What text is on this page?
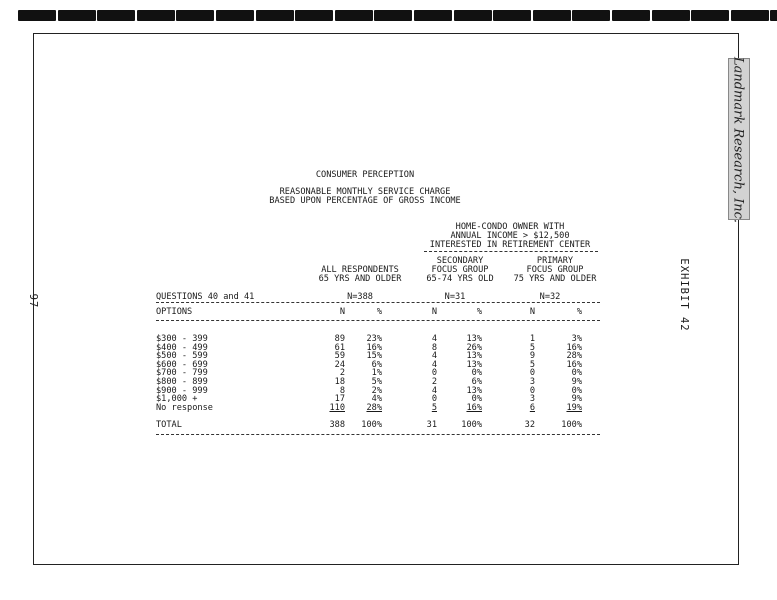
Landmark Research, Inc.
97	EXHIBIT 42
CONSUMER PERCEPTION
REASONABLE MONTHLY SERVICE CHARGE
BASED UPON PERCENTAGE OF GROSS INCOME
HOME-CONDO OWNER WITH
ANNUAL INCOME > $12,500
INTERESTED IN RETIREMENT CENTER
ALL RESPONDENTS
65 YRS AND OLDER
SECONDARY
FOCUS GROUP
65-74 YRS OLD
PRIMARY
FOCUS GROUP
75 YRS AND OLDER
QUESTIONS 40 and 41	N=388	N=31	N=32
OPTIONS	N	%	N	%	N	%
$300 - 399	89	23%	4	13%	1	3%
$400 - 499	61	16%	8	26%	5	16%
$500 - 599	59	15%	4	13%	9	28%
$600 - 699	24	6%	4	13%	5	16%
$700 - 799	2	1%	0	0%	0	0%
$800 - 899	18	5%	2	6%	3	9%
$900 - 999	8	2%	4	13%	0	0%
$1,000 +	17	4%	0	0%	3	9%
No response	110	28%	5	16%	6	19%
TOTAL	388	100%	31	100%	32	100%
